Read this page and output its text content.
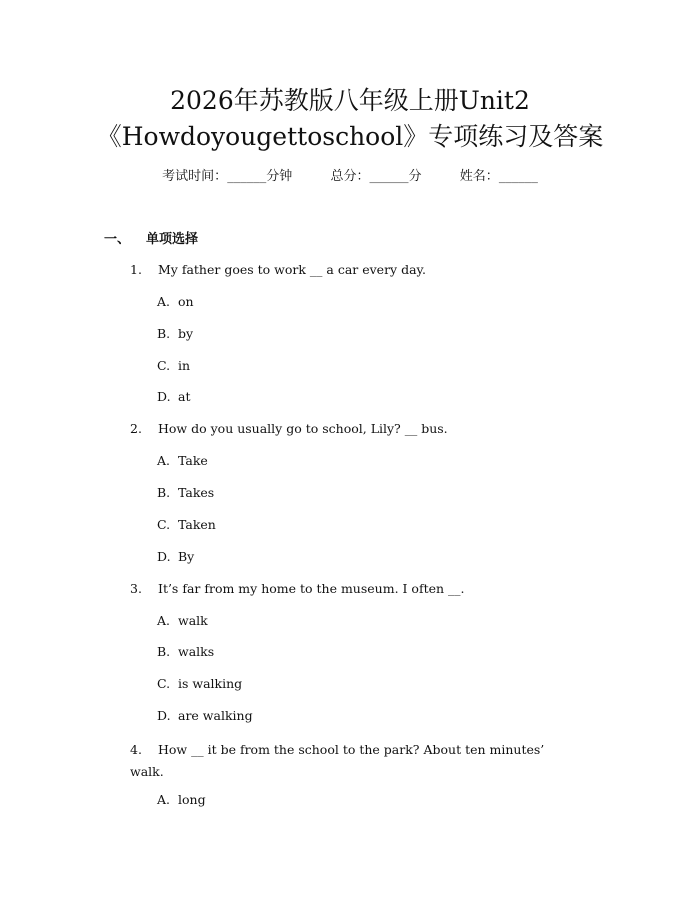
2026年苏教版八年级上册Unit2
《Howdoyougettoschool》专项练习及答案
考试时间：______分钟	总分：______分	姓名：______
一、 单项选择
1. My father goes to work __ a car every day.
A. on
B. by
C. in
D. at
2. How do you usually go to school, Lily? __ bus.
A. Take
B. Takes
C. Taken
D. By
3. It’s far from my home to the museum. I often __.
A. walk
B. walks
C. is walking
D. are walking
4. How __ it be from the school to the park? About ten minutes’ walk.
A. long
